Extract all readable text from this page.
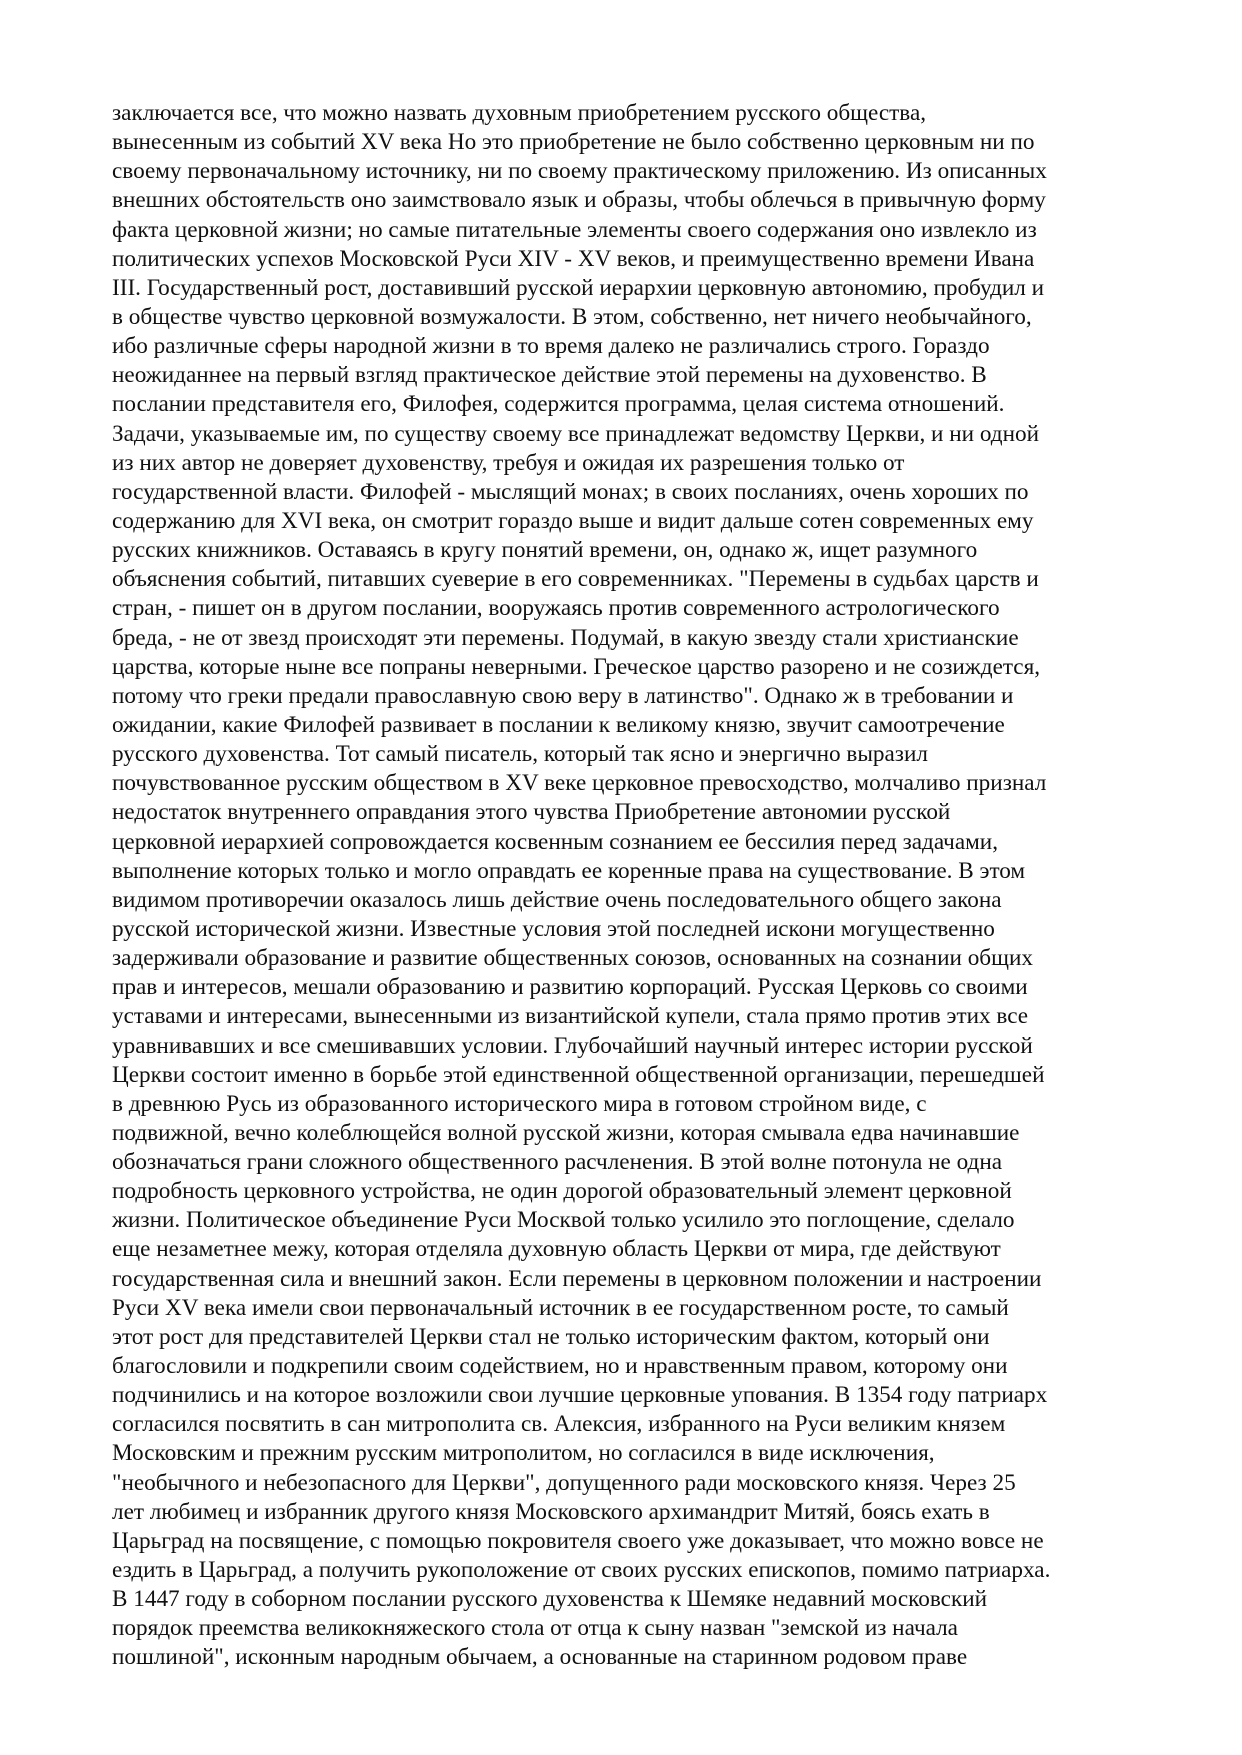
заключается все, что можно назвать духовным приобретением русского общества,
вынесенным из событий XV века Но это приобретение не было собственно церковным ни по
своему первоначальному источнику, ни по своему практическому приложению. Из описанных
внешних обстоятельств оно заимствовало язык и образы, чтобы облечься в привычную форму
факта церковной жизни; но самые питательные элементы своего содержания оно извлекло из
политических успехов Московской Руси XIV - XV веков, и преимущественно времени Ивана
III. Государственный рост, доставивший русской иерархии церковную автономию, пробудил и
в обществе чувство церковной возмужалости. В этом, собственно, нет ничего необычайного,
ибо различные сферы народной жизни в то время далеко не различались строго. Гораздо
неожиданнее на первый взгляд практическое действие этой перемены на духовенство. В
послании представителя его, Филофея, содержится программа, целая система отношений.
Задачи, указываемые им, по существу своему все принадлежат ведомству Церкви, и ни одной
из них автор не доверяет духовенству, требуя и ожидая их разрешения только от
государственной власти. Филофей - мыслящий монах; в своих посланиях, очень хороших по
содержанию для XVI века, он смотрит гораздо выше и видит дальше сотен современных ему
русских книжников. Оставаясь в кругу понятий времени, он, однако ж, ищет разумного
объяснения событий, питавших суеверие в его современниках. "Перемены в судьбах царств и
стран, - пишет он в другом послании, вооружаясь против современного астрологического
бреда, - не от звезд происходят эти перемены. Подумай, в какую звезду стали христианские
царства, которые ныне все попраны неверными. Греческое царство разорено и не созиждется,
потому что греки предали православную свою веру в латинство". Однако ж в требовании и
ожидании, какие Филофей развивает в послании к великому князю, звучит самоотречение
русского духовенства. Тот самый писатель, который так ясно и энергично выразил
почувствованное русским обществом в XV веке церковное превосходство, молчаливо признал
недостаток внутреннего оправдания этого чувства Приобретение автономии русской
церковной иерархией сопровождается косвенным сознанием ее бессилия перед задачами,
выполнение которых только и могло оправдать ее коренные права на существование. В этом
видимом противоречии оказалось лишь действие очень последовательного общего закона
русской исторической жизни. Известные условия этой последней искони могущественно
задерживали образование и развитие общественных союзов, основанных на сознании общих
прав и интересов, мешали образованию и развитию корпораций. Русская Церковь со своими
уставами и интересами, вынесенными из византийской купели, стала прямо против этих все
уравнивавших и все смешивавших условии. Глубочайший научный интерес истории русской
Церкви состоит именно в борьбе этой единственной общественной организации, перешедшей
в древнюю Русь из образованного исторического мира в готовом стройном виде, с
подвижной, вечно колеблющейся волной русской жизни, которая смывала едва начинавшие
обозначаться грани сложного общественного расчленения. В этой волне потонула не одна
подробность церковного устройства, не один дорогой образовательный элемент церковной
жизни. Политическое объединение Руси Москвой только усилило это поглощение, сделало
еще незаметнее межу, которая отделяла духовную область Церкви от мира, где действуют
государственная сила и внешний закон. Если перемены в церковном положении и настроении
Руси XV века имели свои первоначальный источник в ее государственном росте, то самый
этот рост для представителей Церкви стал не только историческим фактом, который они
благословили и подкрепили своим содействием, но и нравственным правом, которому они
подчинились и на которое возложили свои лучшие церковные упования. В 1354 году патриарх
согласился посвятить в сан митрополита св. Алексия, избранного на Руси великим князем
Московским и прежним русским митрополитом, но согласился в виде исключения,
"необычного и небезопасного для Церкви", допущенного ради московского князя. Через 25
лет любимец и избранник другого князя Московского архимандрит Митяй, боясь ехать в
Царьград на посвящение, с помощью покровителя своего уже доказывает, что можно вовсе не
ездить в Царьград, а получить рукоположение от своих русских епископов, помимо патриарха.
В 1447 году в соборном послании русского духовенства к Шемяке недавний московский
порядок преемства великокняжеского стола от отца к сыну назван "земской из начала
пошлиной", исконным народным обычаем, а основанные на старинном родовом праве
